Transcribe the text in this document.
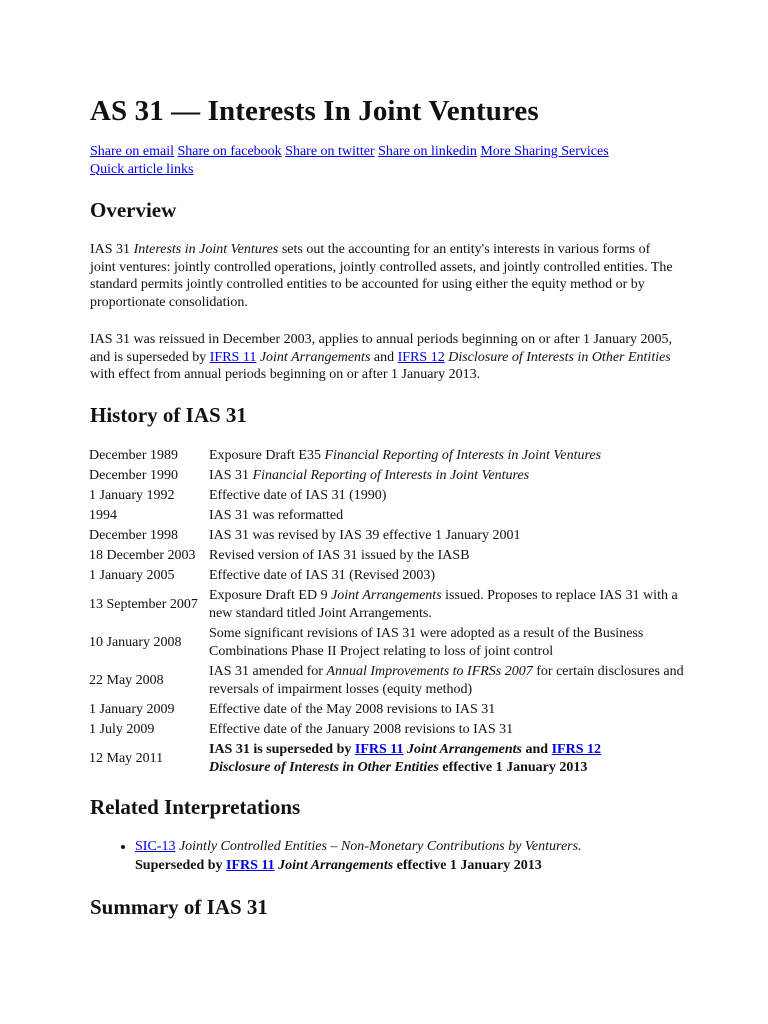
AS 31 — Interests In Joint Ventures
Share on email Share on facebook Share on twitter Share on linkedin More Sharing Services
Quick article links
Overview

IAS 31 Interests in Joint Ventures sets out the accounting for an entity's interests in various forms of joint ventures: jointly controlled operations, jointly controlled assets, and jointly controlled entities. The standard permits jointly controlled entities to be accounted for using either the equity method or by proportionate consolidation.

IAS 31 was reissued in December 2003, applies to annual periods beginning on or after 1 January 2005, and is superseded by IFRS 11 Joint Arrangements and IFRS 12 Disclosure of Interests in Other Entities with effect from annual periods beginning on or after 1 January 2013.

History of IAS 31
December 1989	Exposure Draft E35 Financial Reporting of Interests in Joint Ventures
December 1990	IAS 31 Financial Reporting of Interests in Joint Ventures
1 January 1992	Effective date of IAS 31 (1990)
1994	IAS 31 was reformatted
December 1998	IAS 31 was revised by IAS 39 effective 1 January 2001
18 December 2003	Revised version of IAS 31 issued by the IASB
1 January 2005	Effective date of IAS 31 (Revised 2003)
13 September 2007	Exposure Draft ED 9 Joint Arrangements issued. Proposes to replace IAS 31 with a new standard titled Joint Arrangements.
10 January 2008	Some significant revisions of IAS 31 were adopted as a result of the Business Combinations Phase II Project relating to loss of joint control
22 May 2008	IAS 31 amended for Annual Improvements to IFRSs 2007 for certain disclosures and reversals of impairment losses (equity method)
1 January 2009	Effective date of the May 2008 revisions to IAS 31
1 July 2009	Effective date of the January 2008 revisions to IAS 31
12 May 2011	IAS 31 is superseded by IFRS 11 Joint Arrangements and IFRS 12
Disclosure of Interests in Other Entities effective 1 January 2013
Related Interpretations
• SIC-13 Jointly Controlled Entities – Non-Monetary Contributions by Venturers.
Superseded by IFRS 11 Joint Arrangements effective 1 January 2013
Summary of IAS 31
